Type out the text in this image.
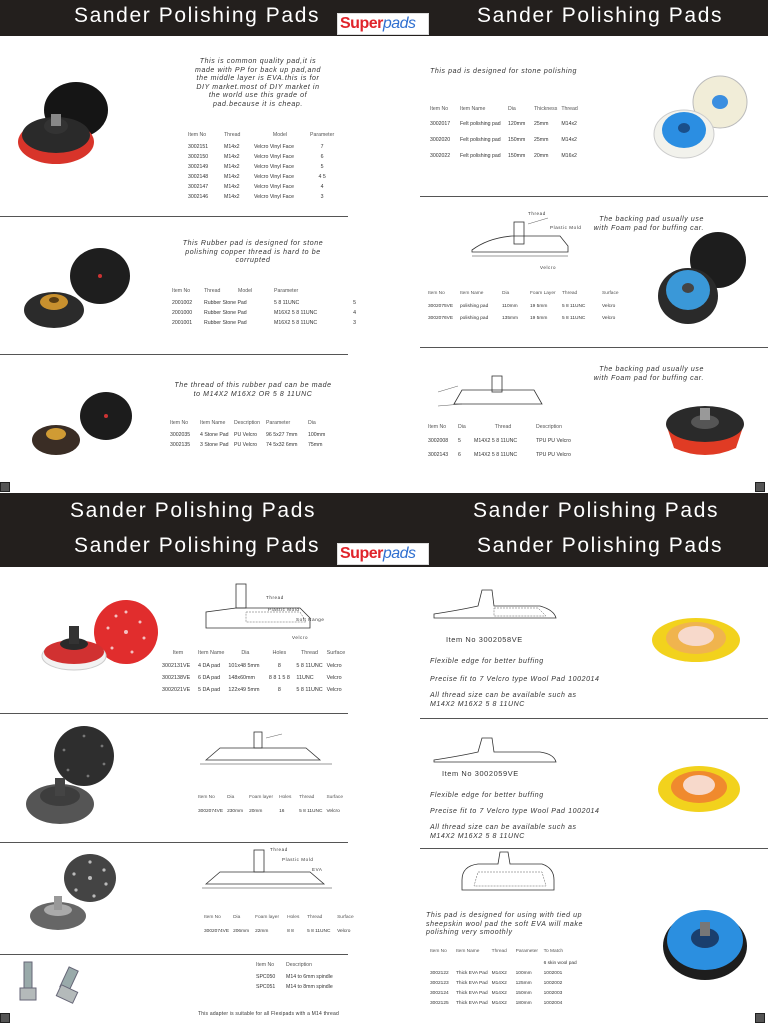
Sander Polishing Pads	Sander Polishing Pads
Superpads
Sander Polishing Pads
Sander Polishing Pads
Sander Polishing Pads
Sander Polishing Pads
Superpads
This is common quality pad,it is made with PP for back up pad,and the middle layer is EVA.this is for DIY market.most of DIY market in the world use this grade of pad.because it is cheap.
Item No	Thread	Model	Parameter
3002151	M14x2	Velcro Vinyl Face	7
3002150	M14x2	Velcro Vinyl Face	6
3002149	M14x2	Velcro Vinyl Face	5
3002148	M14x2	Velcro Vinyl Face	4 5
3002147	M14x2	Velcro Vinyl Face	4
3002146	M14x2	Velcro Vinyl Face	3
This Rubber pad is designed for stone polishing copper thread is hard to be corrupted
Item No	Thread	Model	Parameter	
2001002	Rubber Stone Pad		5 8 11UNC	5
2001000	Rubber Stone Pad		M16X2 5 8 11UNC	4
2001001	Rubber Stone Pad		M16X2 5 8 11UNC	3
The thread of this rubber pad can be made to M14X2 M16X2 OR 5 8 11UNC
Item No	Item Name	Description	Parameter	Dia
3002035	4 Stone Pad	PU Velcro	96 5x27 7mm	100mm
3002135	3 Stone Pad	PU Velcro	74 5x32 6mm	75mm
This pad is designed for stone polishing
Item No	Item Name	Dia	Thickness	Thread
3002017	Felt polishing pad	120mm	25mm	M14x2
3002020	Felt polishing pad	150mm	25mm	M14x2
3002022	Felt polishing pad	150mm	20mm	M16x2
Thread
Plastic Mold
Velcro
The backing pad usually use with Foam pad for buffing car.
Item No	Item Name	Dia	Foam Layer	Thread	Surface
3002075VE	polishing pad	110mm	19 5mm	5 8 11UNC	Velcro
3002076VE	polishing pad	135mm	19 5mm	5 8 11UNC	Velcro
The backing pad usually use with Foam pad for buffing car.
Item No	Dia	Thread	Description
3002008	5	M14X2 5 8 11UNC	TPU PU Velcro
3002143	6	M14X2 5 8 11UNC	TPU PU Velcro
Thread
Plastic Mold
Soft Range
Velcro
Item	Item Name	Dia	Holes	Thread	Surface
3002131VE	4 DA pad	101x48 5mm	8	5 8 11UNC	Velcro
3002138VE	6 DA pad	148x60mm	8 8 1 5 8	11UNC	Velcro
3002021VE	5 DA pad	122x49 5mm	8	5 8 11UNC	Velcro
Item No	Dia	Foam layer	Holes	Thread	Surface
3002074VE	230mm	20mm	16	5 8 11UNC	Velcro
Thread
Plastic Mold
EVA
Item No	Dia	Foam layer	Holes	Thread	Surface
3002074VE	206mm	22mm	8 8	5 8 11UNC	Velcro
Item No	Description
SPC050	M14 to 6mm spindle
SPC051	M14 to 8mm spindle
This adapter is suitable for all Flexipads with a M14 thread
Item No 3002058VE
Flexible edge for better buffing
Precise fit to 7 Velcro type Wool Pad 1002014
All thread size can be available such as M14X2 M16X2 5 8 11UNC
Item No 3002059VE
Flexible edge for better buffing
Precise fit to 7 Velcro type Wool Pad 1002014
All thread size can be available such as M14X2 M16X2 5 8 11UNC
This pad is designed for using with tied up sheepskin wool pad the soft EVA will make polishing very smoothly
Item No	Item Name	Thread	Parameter	To Match
				6 skin wool pad
3002122	Thick EVA Pad	M14X2	100mm	1002001
3002123	Thick EVA Pad	M14X2	125mm	1002002
3002124	Thick EVA Pad	M14X2	150mm	1002003
3002125	Thick EVA Pad	M14X2	180mm	1002004
